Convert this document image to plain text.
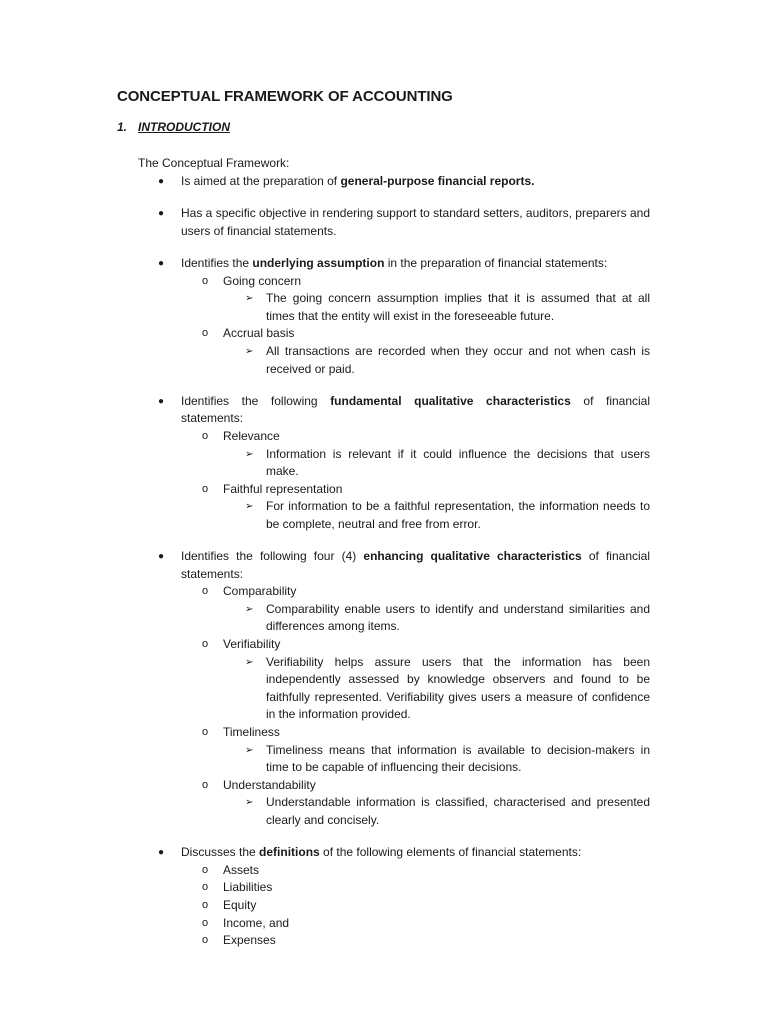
CONCEPTUAL FRAMEWORK OF ACCOUNTING
1. INTRODUCTION
The Conceptual Framework:
● Is aimed at the preparation of general-purpose financial reports.
● Has a specific objective in rendering support to standard setters, auditors, preparers and users of financial statements.
● Identifies the underlying assumption in the preparation of financial statements:
o Going concern
➢ The going concern assumption implies that it is assumed that at all times that the entity will exist in the foreseeable future.
o Accrual basis
➢ All transactions are recorded when they occur and not when cash is received or paid.
● Identifies the following fundamental qualitative characteristics of financial statements:
o Relevance
➢ Information is relevant if it could influence the decisions that users make.
o Faithful representation
➢ For information to be a faithful representation, the information needs to be complete, neutral and free from error.
● Identifies the following four (4) enhancing qualitative characteristics of financial statements:
o Comparability
➢ Comparability enable users to identify and understand similarities and differences among items.
o Verifiability
➢ Verifiability helps assure users that the information has been independently assessed by knowledge observers and found to be faithfully represented. Verifiability gives users a measure of confidence in the information provided.
o Timeliness
➢ Timeliness means that information is available to decision-makers in time to be capable of influencing their decisions.
o Understandability
➢ Understandable information is classified, characterised and presented clearly and concisely.
● Discusses the definitions of the following elements of financial statements:
o Assets
o Liabilities
o Equity
o Income, and
o Expenses
